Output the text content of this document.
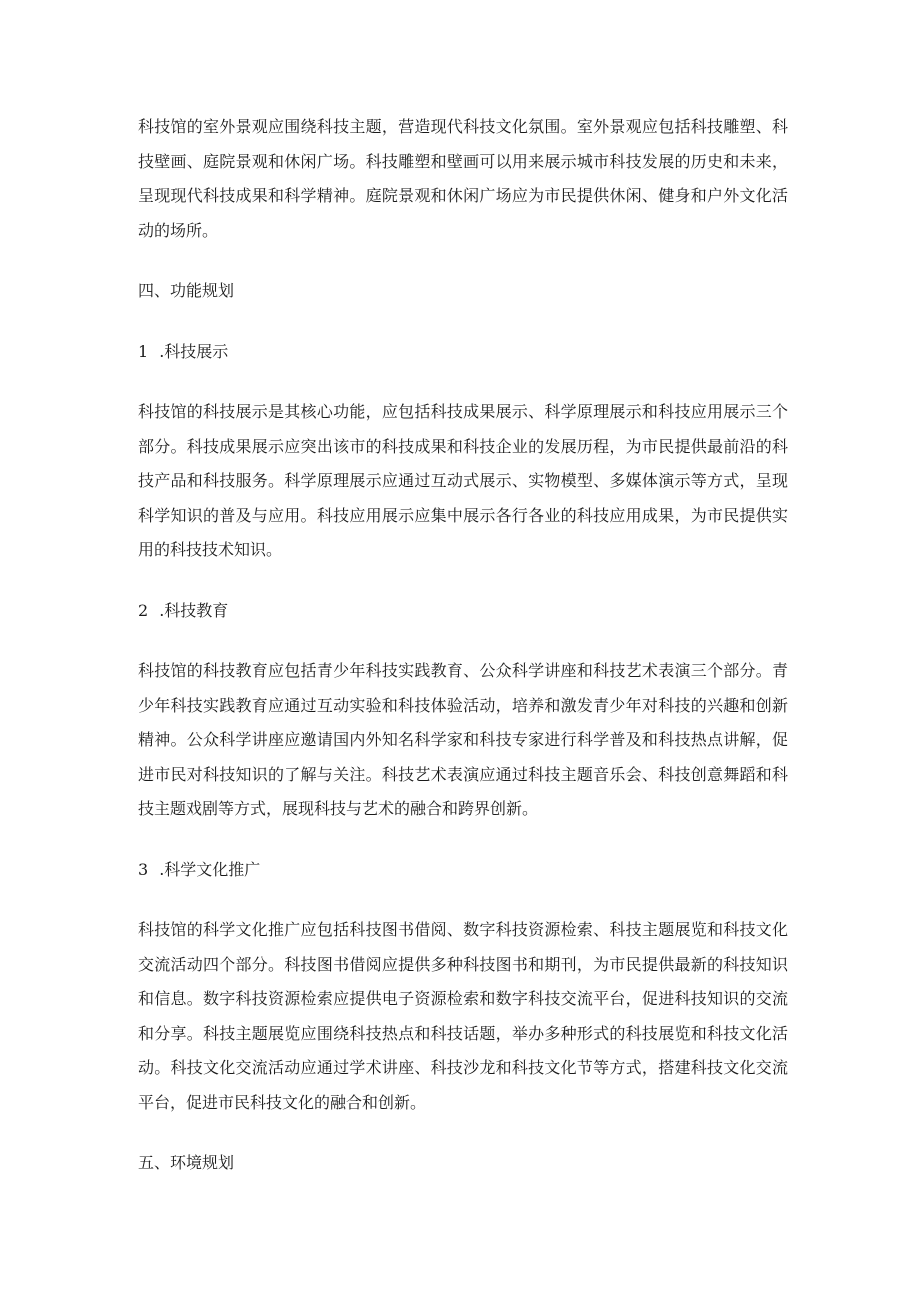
科技馆的室外景观应围绕科技主题，营造现代科技文化氛围。室外景观应包括科技雕塑、科技壁画、庭院景观和休闲广场。科技雕塑和壁画可以用来展示城市科技发展的历史和未来，呈现现代科技成果和科学精神。庭院景观和休闲广场应为市民提供休闲、健身和户外文化活动的场所。

四、功能规划

1 .科技展示

科技馆的科技展示是其核心功能，应包括科技成果展示、科学原理展示和科技应用展示三个部分。科技成果展示应突出该市的科技成果和科技企业的发展历程，为市民提供最前沿的科技产品和科技服务。科学原理展示应通过互动式展示、实物模型、多媒体演示等方式，呈现科学知识的普及与应用。科技应用展示应集中展示各行各业的科技应用成果，为市民提供实用的科技技术知识。

2 .科技教育

科技馆的科技教育应包括青少年科技实践教育、公众科学讲座和科技艺术表演三个部分。青少年科技实践教育应通过互动实验和科技体验活动，培养和激发青少年对科技的兴趣和创新精神。公众科学讲座应邀请国内外知名科学家和科技专家进行科学普及和科技热点讲解，促进市民对科技知识的了解与关注。科技艺术表演应通过科技主题音乐会、科技创意舞蹈和科技主题戏剧等方式，展现科技与艺术的融合和跨界创新。

3 .科学文化推广

科技馆的科学文化推广应包括科技图书借阅、数字科技资源检索、科技主题展览和科技文化交流活动四个部分。科技图书借阅应提供多种科技图书和期刊，为市民提供最新的科技知识和信息。数字科技资源检索应提供电子资源检索和数字科技交流平台，促进科技知识的交流和分享。科技主题展览应围绕科技热点和科技话题，举办多种形式的科技展览和科技文化活动。科技文化交流活动应通过学术讲座、科技沙龙和科技文化节等方式，搭建科技文化交流平台，促进市民科技文化的融合和创新。

五、环境规划
